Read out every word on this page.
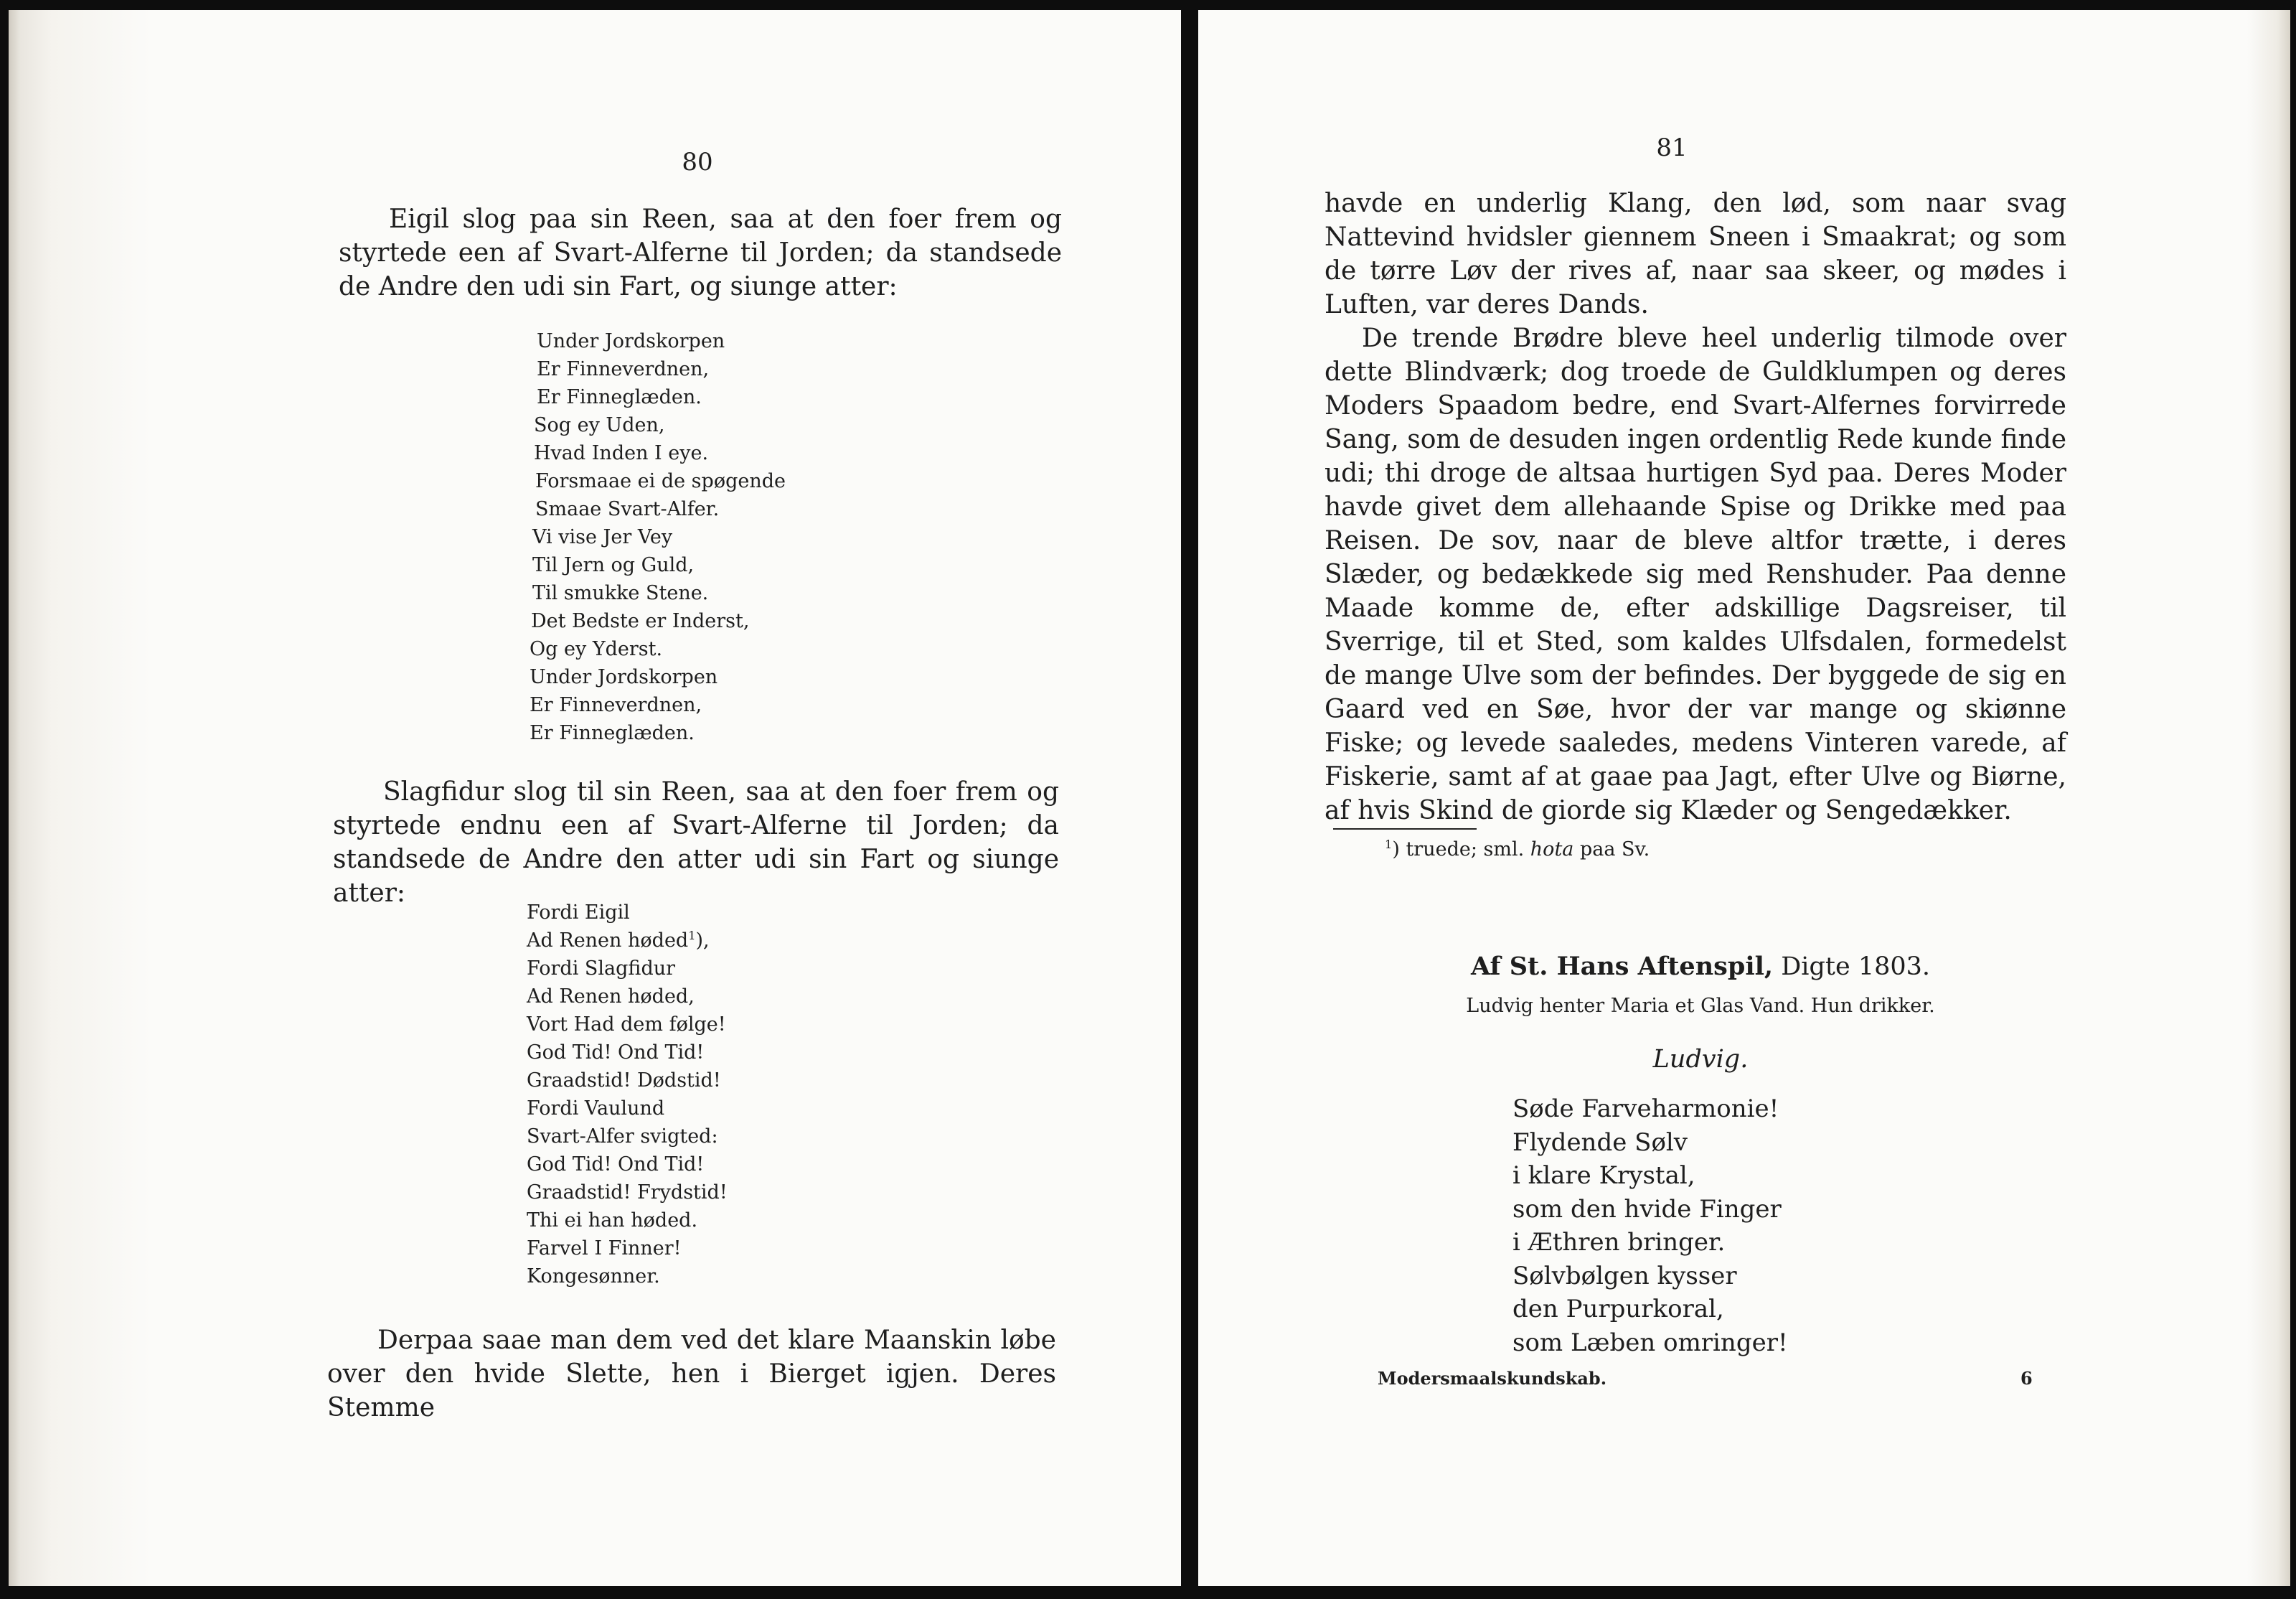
80

Eigil slog paa sin Reen, saa at den foer frem og styrtede een af Svart-Alferne til Jorden; da standsede de Andre den udi sin Fart, og siunge atter:

Under Jordskorpen
Er Finneverdnen,
Er Finneglæden.
Sog ey Uden,
Hvad Inden I eye.
Forsmaae ei de spøgende
Smaae Svart-Alfer.
Vi vise Jer Vey
Til Jern og Guld,
Til smukke Stene.
Det Bedste er Inderst,
Og ey Yderst.
Under Jordskorpen
Er Finneverdnen,
Er Finneglæden.

Slagfidur slog til sin Reen, saa at den foer frem og styrtede endnu een af Svart-Alferne til Jorden; da standsede de Andre den atter udi sin Fart og siunge atter:

Fordi Eigil
Ad Renen høded$^1$),
Fordi Slagfidur
Ad Renen høded,
Vort Had dem følge!
God Tid! Ond Tid!
Graadstid! Dødstid!
Fordi Vaulund
Svart-Alfer svigted:
God Tid! Ond Tid!
Graadstid! Frydstid!
Thi ei han høded.
Farvel I Finner!
Kongesønner.

Derpaa saae man dem ved det klare Maanskin løbe over den hvide Slette, hen i Bierget igjen. Deres Stemme

81

havde en underlig Klang, den lød, som naar svag Nattevind hvidsler giennem Sneen i Smaakrat; og som de tørre Løv der rives af, naar saa skeer, og mødes i Luften, var deres Dands.

De trende Brødre bleve heel underlig tilmode over dette Blindværk; dog troede de Guldklumpen og deres Moders Spaadom bedre, end Svart-Alfernes forvirrede Sang, som de desuden ingen ordentlig Rede kunde finde udi; thi droge de altsaa hurtigen Syd paa. Deres Moder havde givet dem allehaande Spise og Drikke med paa Reisen. De sov, naar de bleve altfor trætte, i deres Slæder, og bedækkede sig med Renshuder. Paa denne Maade komme de, efter adskillige Dagsreiser, til Sverrige, til et Sted, som kaldes Ulfsdalen, formedelst de mange Ulve som der befindes. Der byggede de sig en Gaard ved en Søe, hvor der var mange og skiønne Fiske; og levede saaledes, medens Vinteren varede, af Fiskerie, samt af at gaae paa Jagt, efter Ulve og Biørne, af hvis Skind de giorde sig Klæder og Sengedækker.

$^1$) truede; sml. hota paa Sv.
Af St. Hans Aftenspil, Digte 1803.
Ludvig henter Maria et Glas Vand. Hun drikker.
Ludvig.
Søde Farveharmonie!
Flydende Sølv
i klare Krystal,
som den hvide Finger
i Æthren bringer.
Sølvbølgen kysser
den Purpurkoral,
som Læben omringer!
Modersmaalskundskab.	6
